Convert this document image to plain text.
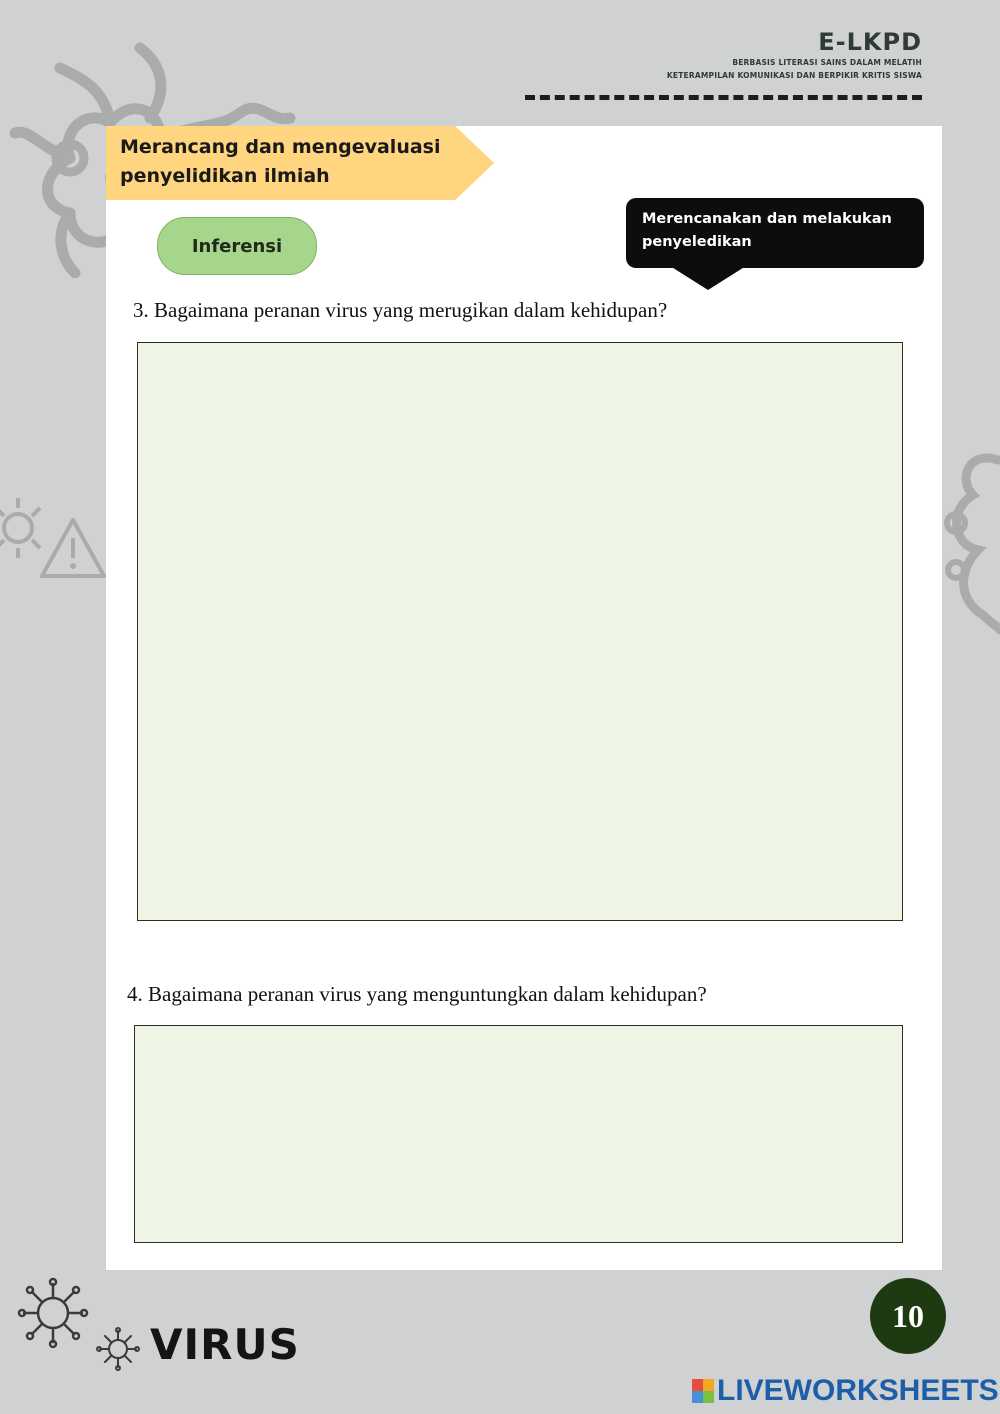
E-LKPD
BERBASIS LITERASI SAINS DALAM MELATIH
KETERAMPILAN KOMUNIKASI DAN BERPIKIR KRITIS SISWA
Merancang dan mengevaluasi penyelidikan ilmiah
Inferensi
Merencanakan dan melakukan penyeledikan
3. Bagaimana peranan virus yang merugikan dalam kehidupan?
4. Bagaimana peranan virus yang menguntungkan dalam kehidupan?
VIRUS
10
LIVEWORKSHEETS
